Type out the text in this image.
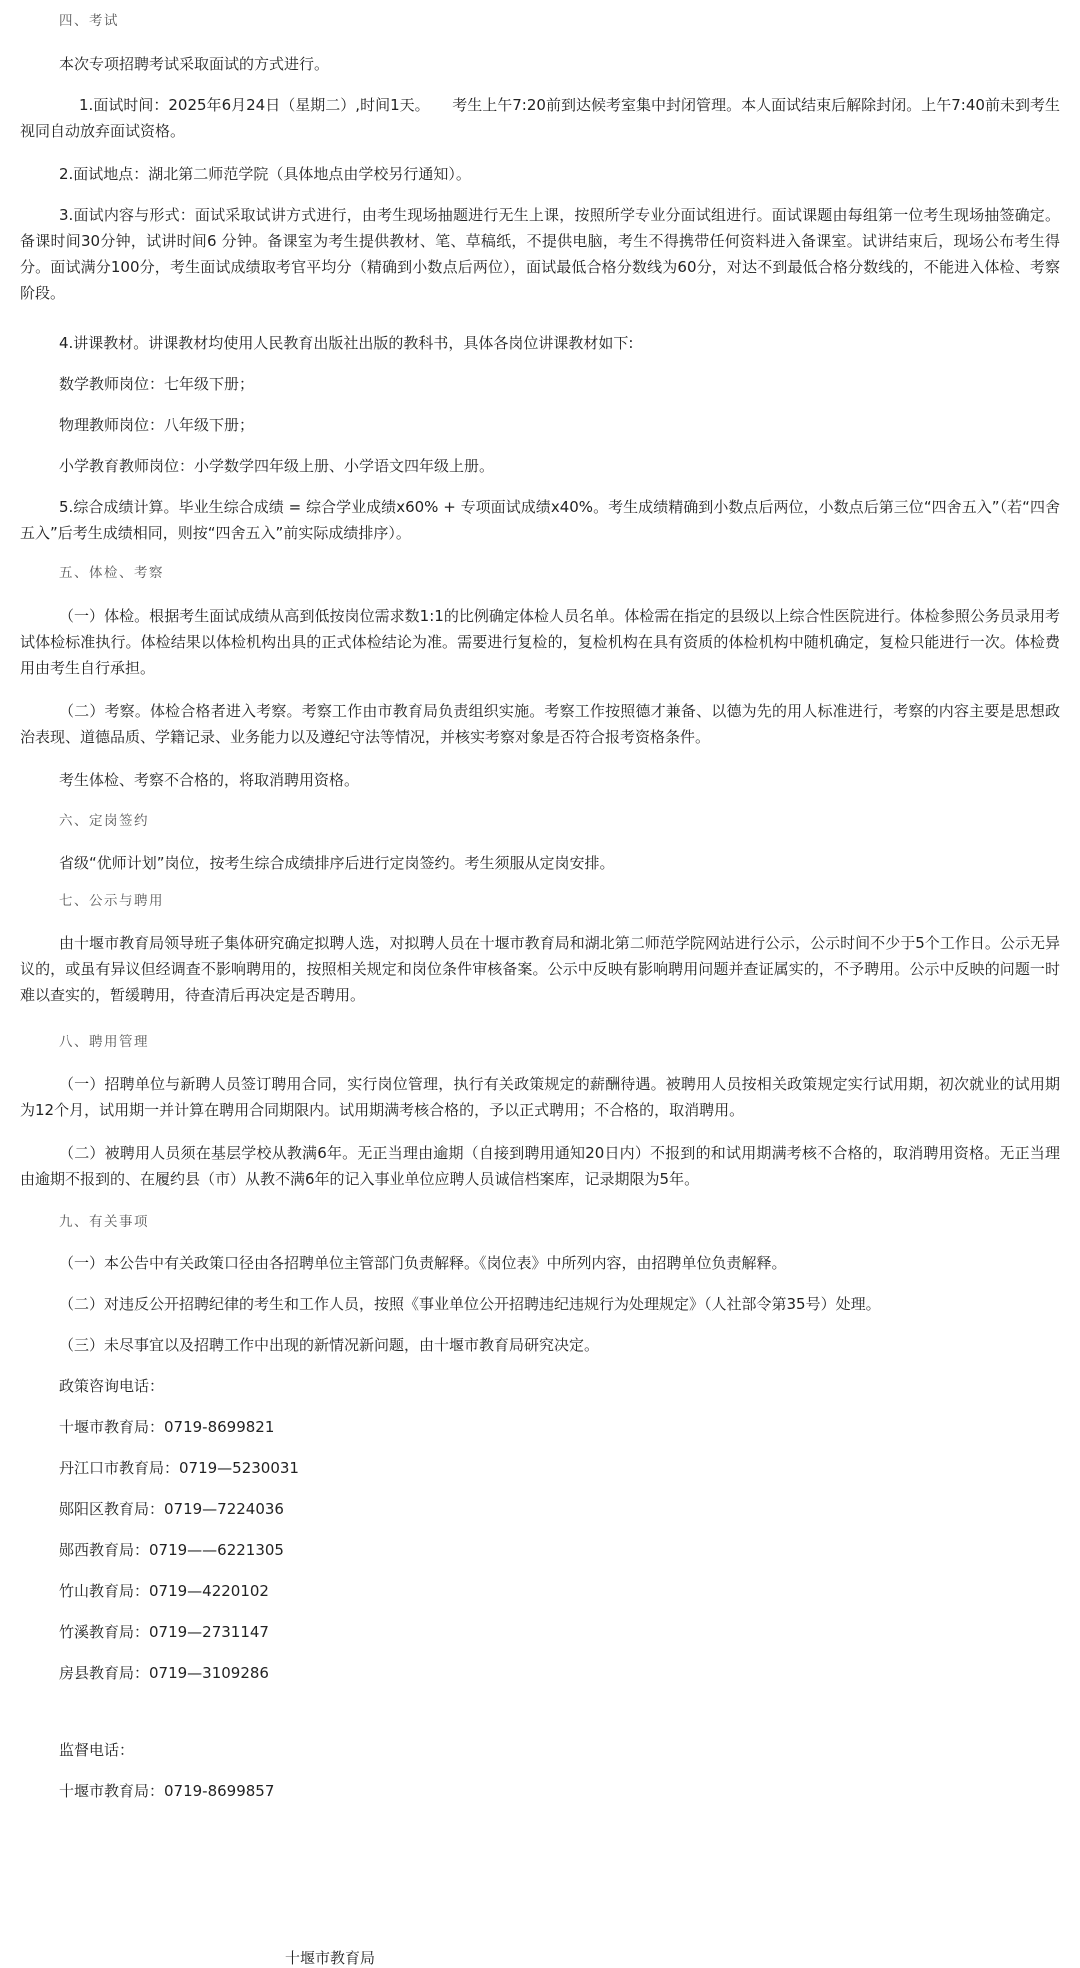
四、考试

本次专项招聘考试采取面试的方式进行。

1.面试时间：2025年6月24日（星期二）,时间1天。　　考生上午7:20前到达候考室集中封闭管理。本人面试结束后解除封闭。上午7:40前未到考生视同自动放弃面试资格。

2.面试地点：湖北第二师范学院（具体地点由学校另行通知）。

3.面试内容与形式：面试采取试讲方式进行，由考生现场抽题进行无生上课，按照所学专业分面试组进行。面试课题由每组第一位考生现场抽签确定。备课时间30分钟，试讲时间6 分钟。备课室为考生提供教材、笔、草稿纸，不提供电脑，考生不得携带任何资料进入备课室。试讲结束后，现场公布考生得分。面试满分100分，考生面试成绩取考官平均分（精确到小数点后两位），面试最低合格分数线为60分，对达不到最低合格分数线的，不能进入体检、考察阶段。

4.讲课教材。讲课教材均使用人民教育出版社出版的教科书，具体各岗位讲课教材如下:

数学教师岗位：七年级下册；

物理教师岗位：八年级下册；

小学教育教师岗位：小学数学四年级上册、小学语文四年级上册。

5.综合成绩计算。毕业生综合成绩 = 综合学业成绩x60% + 专项面试成绩x40%。考生成绩精确到小数点后两位，小数点后第三位“四舍五入”（若“四舍五入”后考生成绩相同，则按“四舍五入”前实际成绩排序）。

五、体检、考察

（一）体检。根据考生面试成绩从高到低按岗位需求数1:1的比例确定体检人员名单。体检需在指定的县级以上综合性医院进行。体检参照公务员录用考试体检标准执行。体检结果以体检机构出具的正式体检结论为准。需要进行复检的，复检机构在具有资质的体检机构中随机确定，复检只能进行一次。体检费用由考生自行承担。

（二）考察。体检合格者进入考察。考察工作由市教育局负责组织实施。考察工作按照德才兼备、以德为先的用人标准进行，考察的内容主要是思想政治表现、道德品质、学籍记录、业务能力以及遵纪守法等情况，并核实考察对象是否符合报考资格条件。

考生体检、考察不合格的，将取消聘用资格。

六、定岗签约

省级“优师计划”岗位，按考生综合成绩排序后进行定岗签约。考生须服从定岗安排。

七、公示与聘用

由十堰市教育局领导班子集体研究确定拟聘人选，对拟聘人员在十堰市教育局和湖北第二师范学院网站进行公示，公示时间不少于5个工作日。公示无异议的，或虽有异议但经调查不影响聘用的，按照相关规定和岗位条件审核备案。公示中反映有影响聘用问题并查证属实的，不予聘用。公示中反映的问题一时难以查实的，暂缓聘用，待查清后再决定是否聘用。

八、聘用管理

（一）招聘单位与新聘人员签订聘用合同，实行岗位管理，执行有关政策规定的薪酬待遇。被聘用人员按相关政策规定实行试用期，初次就业的试用期为12个月，试用期一并计算在聘用合同期限内。试用期满考核合格的，予以正式聘用；不合格的，取消聘用。

（二）被聘用人员须在基层学校从教满6年。无正当理由逾期（自接到聘用通知20日内）不报到的和试用期满考核不合格的，取消聘用资格。无正当理由逾期不报到的、在履约县（市）从教不满6年的记入事业单位应聘人员诚信档案库，记录期限为5年。

九、有关事项

（一）本公告中有关政策口径由各招聘单位主管部门负责解释。《岗位表》中所列内容，由招聘单位负责解释。

（二）对违反公开招聘纪律的考生和工作人员，按照《事业单位公开招聘违纪违规行为处理规定》（人社部令第35号）处理。

（三）未尽事宜以及招聘工作中出现的新情况新问题，由十堰市教育局研究决定。

政策咨询电话：

十堰市教育局：0719-8699821

丹江口市教育局：0719—5230031

郧阳区教育局：0719—7224036

郧西教育局：0719——6221305

竹山教育局：0719—4220102

竹溪教育局：0719—2731147

房县教育局：0719—3109286

监督电话：

十堰市教育局：0719-8699857

十堰市教育局
